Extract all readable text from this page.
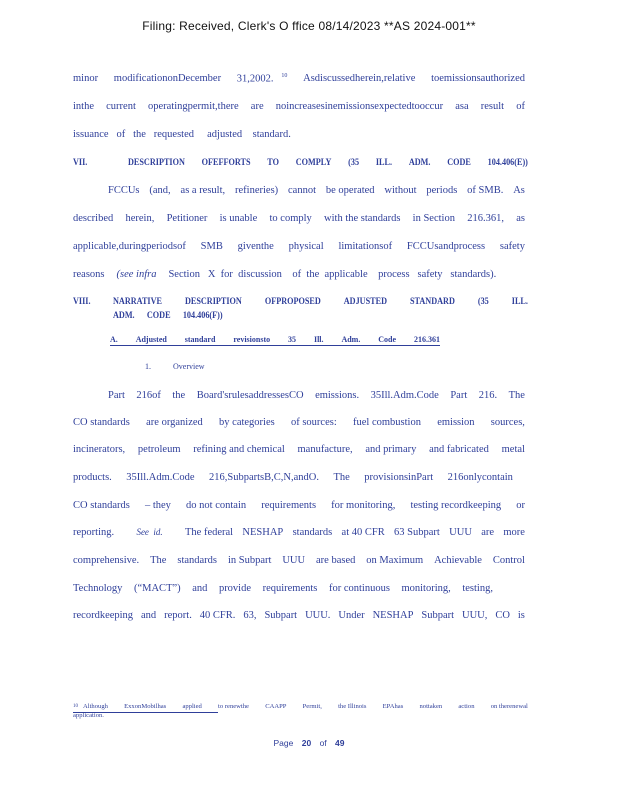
Filing: Received, Clerk's O ffice 08/14/2023 **AS 2024-001**
minor modificationonDecember 31,2002. $^{10}$ Asdiscussedherein,relative toemissionsauthorized
inthe current operatingpermit,there are noincreasesinemissionsexpectedtooccur asa result of
issuance   of   the   requested     adjusted    standard.
VII.	DESCRIPTION OFEFFORTS TO COMPLY (35 ILL. ADM. CODE 104.406(E))
FCCUs (and, as a result, refineries) cannot be operated without periods of SMB. As
described herein, Petitioner is unable to comply with the standards in Section 216.361, as
applicable,duringperiodsof SMB giventhe physical limitationsof FCCUsandprocess safety
reasons (see infra Section   X  for  discussion    of  the  applicable    process   safety   standards).
VIII.	NARRATIVE	DESCRIPTION	OFPROPOSED	ADJUSTED	STANDARD	(35	ILL.
ADM.      CODE      104.406(F))
A. Adjusted standard revisionsto 35 Ill. Adm. Code 216.361
1.	Overview
Part 216of the Board'srulesaddressesCO emissions. 35Ill.Adm.Code Part 216. The
CO standards are organized by categories of sources: fuel combustion emission sources,
incinerators, petroleum refining and chemical manufacture, and primary and fabricated metal
products. 35Ill.Adm.Code 216,SubpartsB,C,N,andO. The provisionsinPart 216onlycontain
CO standards – they do not contain requirements for monitoring, testing recordkeeping or
reporting. See  id. The federal NESHAP standards at 40 CFR 63 Subpart UUU are more
comprehensive. The standards in Subpart UUU are based on Maximum Achievable Control
Technology (“MACT”) and provide requirements for continuous monitoring, testing,
recordkeeping and report. 40 CFR. 63, Subpart UUU. Under NESHAP Subpart UUU, CO is
10 Although ExxonMobilhas applied to renewthe CAAPP Permit, the Illinois EPAhas nottaken action on therenewal
application.
Page 20 of 49
